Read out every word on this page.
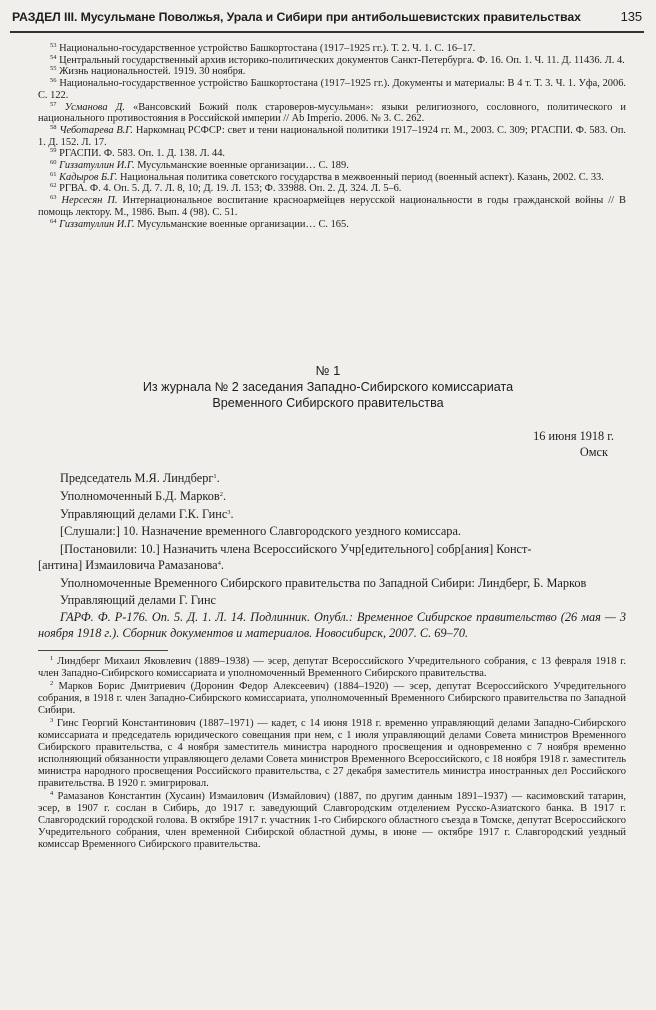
РАЗДЕЛ III. Мусульмане Поволжья, Урала и Сибири при антибольшевистских правительствах	135

$^{53}$ Национально-государственное устройство Башкортостана (1917–1925 гг.). Т. 2. Ч. 1. С. 16–17.

$^{54}$ Центральный государственный архив историко-политических документов Санкт-Петербурга. Ф. 16. Оп. 1. Ч. 11. Д. 11436. Л. 4.

$^{55}$ Жизнь национальностей. 1919. 30 ноября.

$^{56}$ Национально-государственное устройство Башкортостана (1917–1925 гг.). Документы и материалы: В 4 т. Т. 3. Ч. 1. Уфа, 2006. С. 122.

$^{57}$ Усманова Д. «Вансовский Божий полк староверов-мусульман»: языки религиозного, сословного, политического и национального противостояния в Российской империи // Ab Imperio. 2006. № 3. С. 262.

$^{58}$ Чеботарева В.Г. Наркомнац РСФСР: свет и тени национальной политики 1917–1924 гг. М., 2003. С. 309; РГАСПИ. Ф. 583. Оп. 1. Д. 152. Л. 17.

$^{59}$ РГАСПИ. Ф. 583. Оп. 1. Д. 138. Л. 44.

$^{60}$ Гиззатуллин И.Г. Мусульманские военные организации… С. 189.

$^{61}$ Кадыров Б.Г. Национальная политика советского государства в межвоенный период (военный аспект). Казань, 2002. С. 33.

$^{62}$ РГВА. Ф. 4. Оп. 5. Д. 7. Л. 8, 10; Д. 19. Л. 153; Ф. 33988. Оп. 2. Д. 324. Л. 5–6.

$^{63}$ Нерсесян П. Интернациональное воспитание красноармейцев нерусской национальности в годы гражданской войны // В помощь лектору. М., 1986. Вып. 4 (98). С. 51.

$^{64}$ Гиззатуллин И.Г. Мусульманские военные организации… С. 165.

№ 1
Из журнала № 2 заседания Западно-Сибирского комиссариата
Временного Сибирского правительства
16 июня 1918 г.
Омск

Председатель М.Я. Линдберг$^1$.

Уполномоченный Б.Д. Марков$^2$.

Управляющий делами Г.К. Гинс$^3$.

[Слушали:] 10. Назначение временного Славгородского уездного комиссара.

[Постановили: 10.] Назначить члена Всероссийского Учр[едительного] собр[ания] Конст-

[антина] Измаиловича Рамазанова$^4$.

Уполномоченные Временного Сибирского правительства по Западной Сибири: Линдберг, Б. Марков

Управляющий делами Г. Гинс

ГАРФ. Ф. Р-176. Оп. 5. Д. 1. Л. 14. Подлинник. Опубл.: Временное Сибирское правительство (26 мая — 3 ноября 1918 г.). Сборник документов и материалов. Новосибирск, 2007. С. 69–70.

$^1$ Линдберг Михаил Яковлевич (1889–1938) — эсер, депутат Всероссийского Учредительного собрания, с 13 февраля 1918 г. член Западно-Сибирского комиссариата и уполномоченный Временного Сибирского правительства.

$^2$ Марков Борис Дмитриевич (Доронин Федор Алексеевич) (1884–1920) — эсер, депутат Всероссийского Учредительного собрания, в 1918 г. член Западно-Сибирского комиссариата, уполномоченный Временного Сибирского правительства по Западной Сибири.

$^3$ Гинс Георгий Константинович (1887–1971) — кадет, с 14 июня 1918 г. временно управляющий делами Западно-Сибирского комиссариата и председатель юридического совещания при нем, с 1 июля управляющий делами Совета министров Временного Сибирского правительства, с 4 ноября заместитель министра народного просвещения и одновременно с 7 ноября временно исполняющий обязанности управляющего делами Совета министров Временного Всероссийского, с 18 ноября 1918 г. заместитель министра народного просвещения Российского правительства, с 27 декабря заместитель министра иностранных дел Российского правительства. В 1920 г. эмигрировал.

$^4$ Рамазанов Константин (Хусаин) Измаилович (Измайлович) (1887, по другим данным 1891–1937) — касимовский татарин, эсер, в 1907 г. сослан в Сибирь, до 1917 г. заведующий Славгородским отделением Русско-Азиатского банка. В 1917 г. Славгородский городской голова. В октябре 1917 г. участник 1-го Сибирского областного съезда в Томске, депутат Всероссийского Учредительного собрания, член временной Сибирской областной думы, в июне — октябре 1917 г. Славгородский уездный комиссар Временного Сибирского правительства.
